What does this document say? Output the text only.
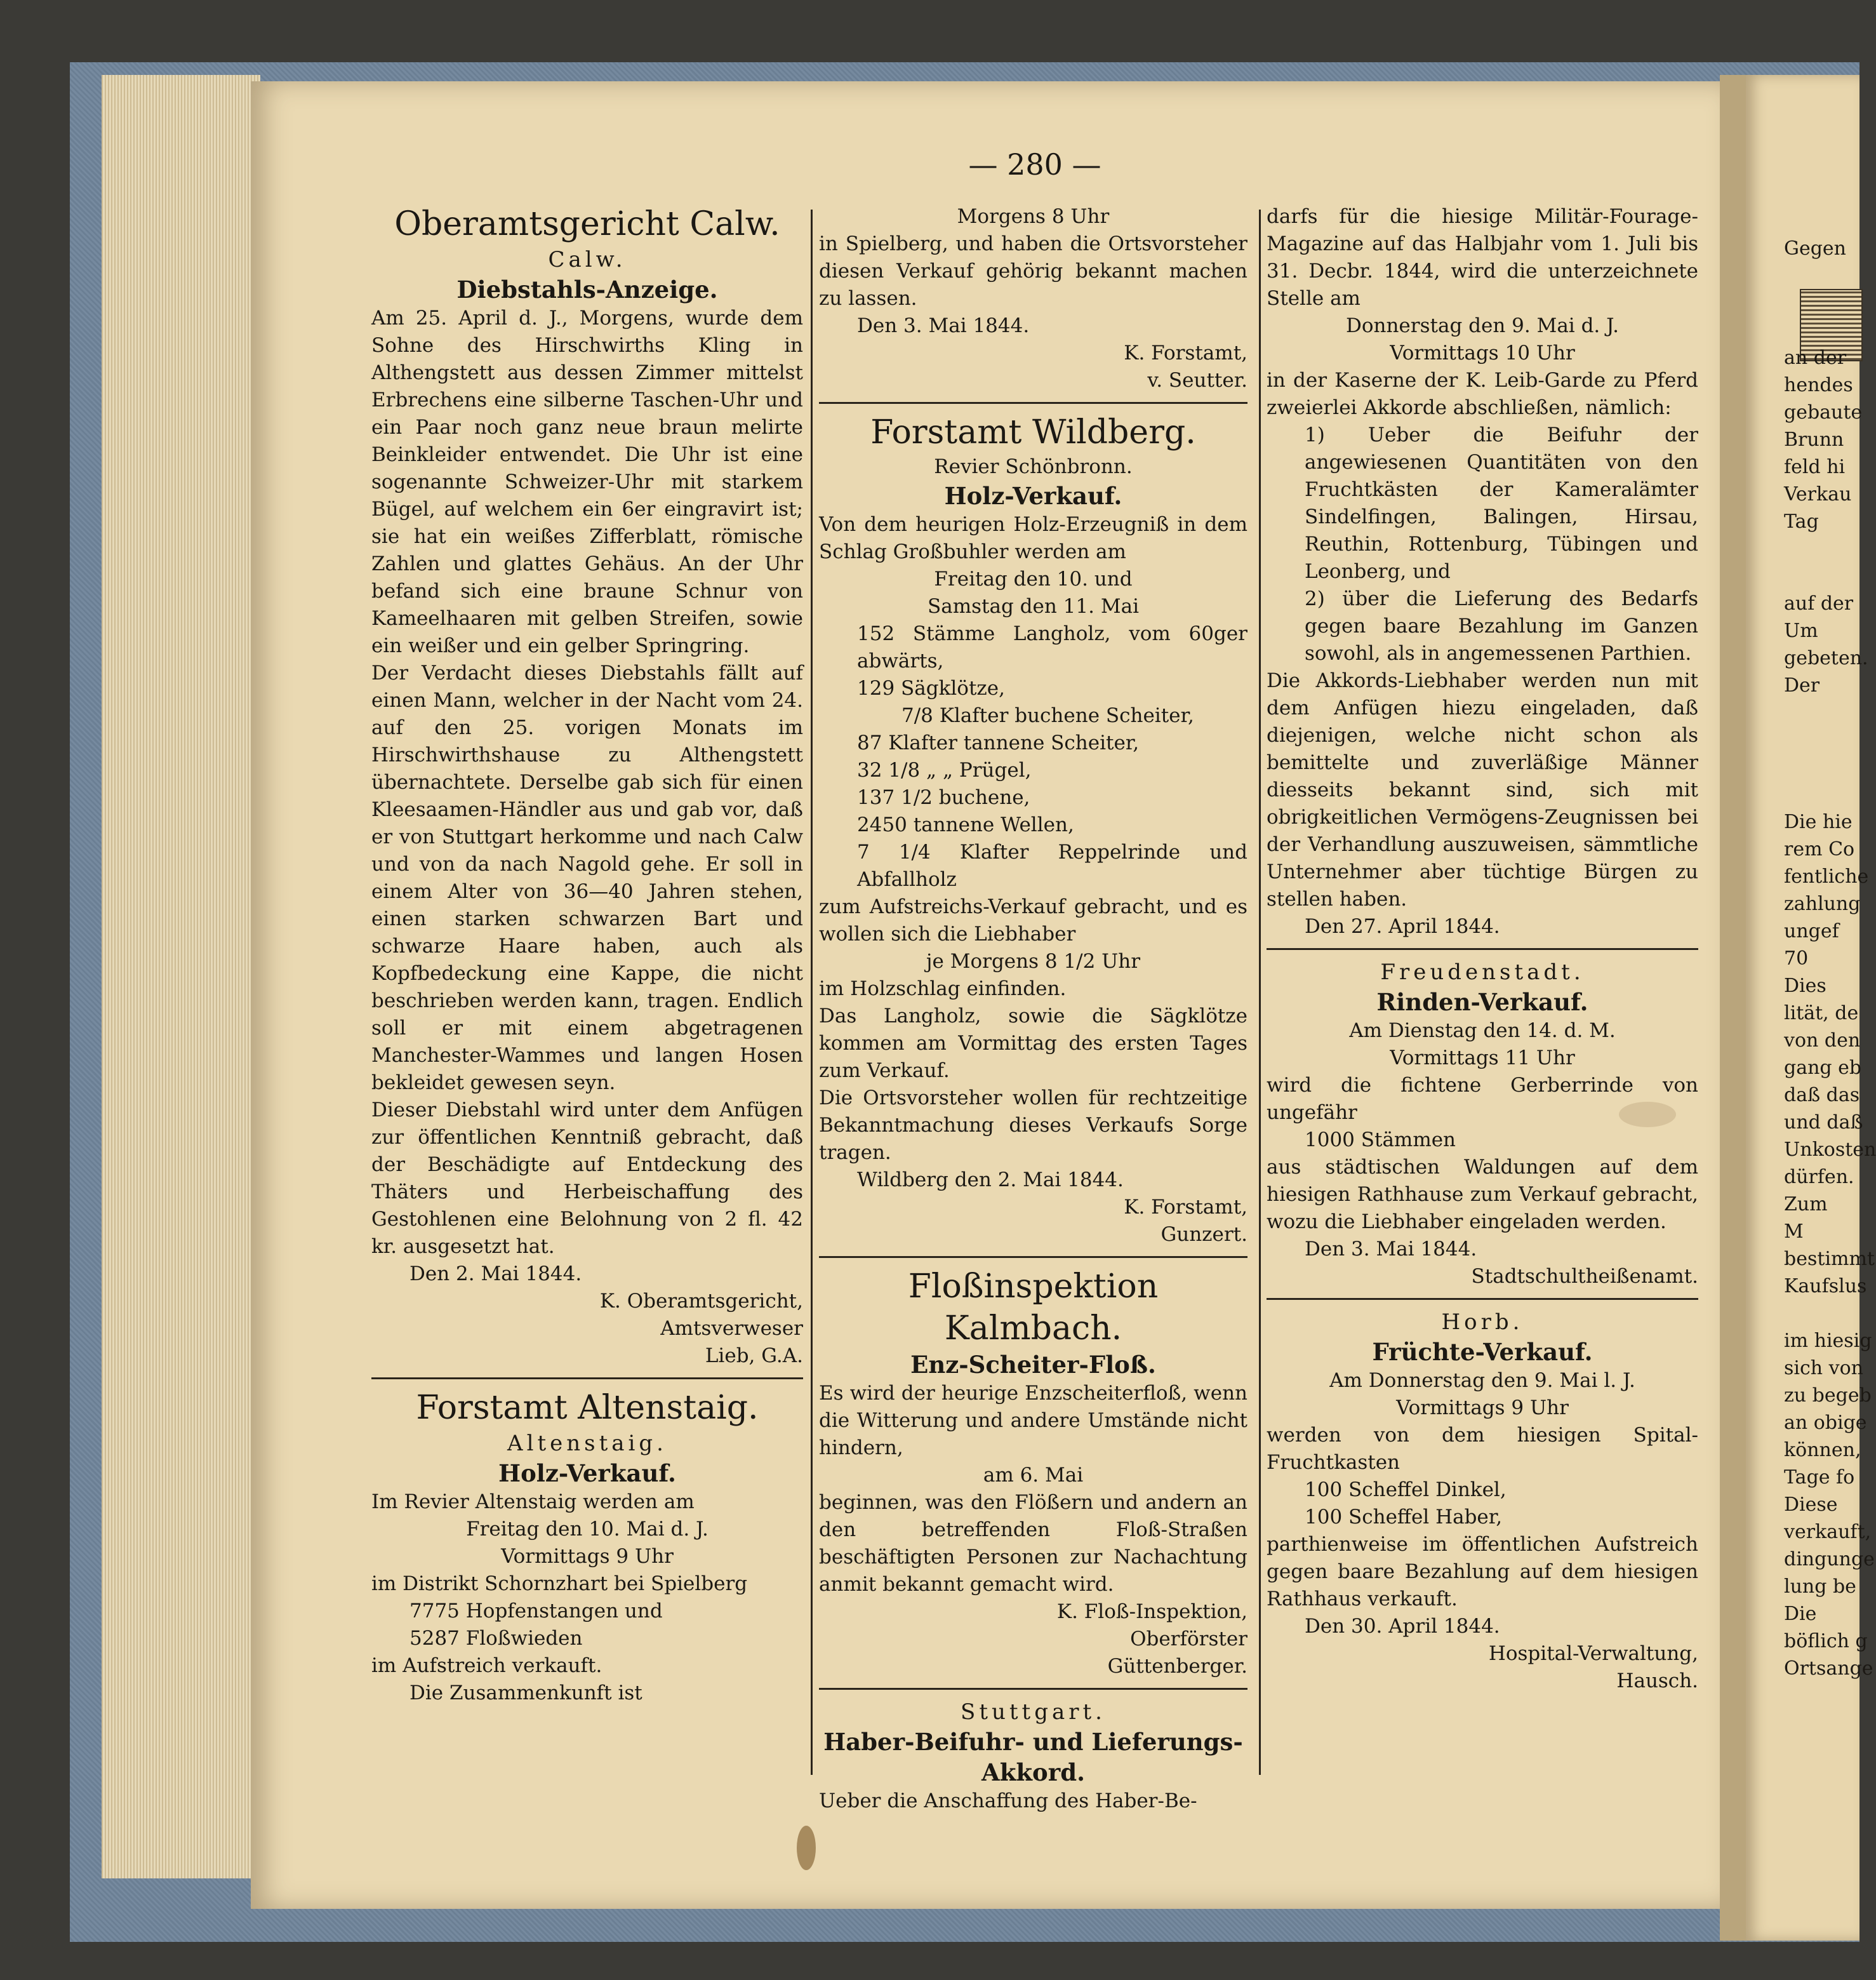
— 280 —

Oberamtsgericht Calw.

Calw.

Diebstahls-Anzeige.

Am 25. April d. J., Morgens, wurde dem Sohne des Hirschwirths Kling in Althengstett aus dessen Zimmer mittelst Erbrechens eine silberne Taschen-Uhr und ein Paar noch ganz neue braun melirte Beinkleider entwendet. Die Uhr ist eine sogenannte Schweizer-Uhr mit starkem Bügel, auf welchem ein 6er eingravirt ist; sie hat ein weißes Zifferblatt, römische Zahlen und glattes Gehäus. An der Uhr befand sich eine braune Schnur von Kameelhaaren mit gelben Streifen, sowie ein weißer und ein gelber Springring.

Der Verdacht dieses Diebstahls fällt auf einen Mann, welcher in der Nacht vom 24. auf den 25. vorigen Monats im Hirschwirthshause zu Althengstett übernachtete. Derselbe gab sich für einen Kleesaamen-Händler aus und gab vor, daß er von Stuttgart herkomme und nach Calw und von da nach Nagold gehe. Er soll in einem Alter von 36—40 Jahren stehen, einen starken schwarzen Bart und schwarze Haare haben, auch als Kopfbedeckung eine Kappe, die nicht beschrieben werden kann, tragen. Endlich soll er mit einem abgetragenen Manchester-Wammes und langen Hosen bekleidet gewesen seyn.

Dieser Diebstahl wird unter dem Anfügen zur öffentlichen Kenntniß gebracht, daß der Beschädigte auf Entdeckung des Thäters und Herbeischaffung des Gestohlenen eine Belohnung von 2 fl. 42 kr. ausgesetzt hat.

Den 2. Mai 1844.

K. Oberamtsgericht,

Amtsverweser

Lieb, G.A.

Forstamt Altenstaig.

Altenstaig.

Holz-Verkauf.

Im Revier Altenstaig werden am

Freitag den 10. Mai d. J.

Vormittags 9 Uhr

im Distrikt Schornzhart bei Spielberg

7775 Hopfenstangen und

5287 Floßwieden

im Aufstreich verkauft.

Die Zusammenkunft ist

Morgens 8 Uhr

in Spielberg, und haben die Ortsvorsteher diesen Verkauf gehörig bekannt machen zu lassen.

Den 3. Mai 1844.

K. Forstamt,

v. Seutter.

Forstamt Wildberg.

Revier Schönbronn.

Holz-Verkauf.

Von dem heurigen Holz-Erzeugniß in dem Schlag Großbuhler werden am

Freitag den 10. und

Samstag den 11. Mai

152 Stämme Langholz, vom 60ger abwärts,

129 Sägklötze,

7/8 Klafter buchene Scheiter,

87 Klafter tannene Scheiter,

32 1/8 „ „ Prügel,

137 1/2 buchene,

2450 tannene Wellen,

7 1/4 Klafter Reppelrinde und Abfallholz

zum Aufstreichs-Verkauf gebracht, und es wollen sich die Liebhaber

je Morgens 8 1/2 Uhr

im Holzschlag einfinden.

Das Langholz, sowie die Sägklötze kommen am Vormittag des ersten Tages zum Verkauf.

Die Ortsvorsteher wollen für rechtzeitige Bekanntmachung dieses Verkaufs Sorge tragen.

Wildberg den 2. Mai 1844.

K. Forstamt,

Gunzert.

Floßinspektion Kalmbach.

Enz-Scheiter-Floß.

Es wird der heurige Enzscheiterfloß, wenn die Witterung und andere Umstände nicht hindern,

am 6. Mai

beginnen, was den Flößern und andern an den betreffenden Floß-Straßen beschäftigten Personen zur Nachachtung anmit bekannt gemacht wird.

K. Floß-Inspektion,

Oberförster

Güttenberger.

Stuttgart.

Haber-Beifuhr- und Lieferungs-Akkord.

Ueber die Anschaffung des Haber-Be-

darfs für die hiesige Militär-Fourage-Magazine auf das Halbjahr vom 1. Juli bis 31. Decbr. 1844, wird die unterzeichnete Stelle am

Donnerstag den 9. Mai d. J.

Vormittags 10 Uhr

in der Kaserne der K. Leib-Garde zu Pferd zweierlei Akkorde abschließen, nämlich:

1) Ueber die Beifuhr der angewiesenen Quantitäten von den Fruchtkästen der Kameralämter Sindelfingen, Balingen, Hirsau, Reuthin, Rottenburg, Tübingen und Leonberg, und

2) über die Lieferung des Bedarfs gegen baare Bezahlung im Ganzen sowohl, als in angemessenen Parthien.

Die Akkords-Liebhaber werden nun mit dem Anfügen hiezu eingeladen, daß diejenigen, welche nicht schon als bemittelte und zuverläßige Männer diesseits bekannt sind, sich mit obrigkeitlichen Vermögens-Zeugnissen bei der Verhandlung auszuweisen, sämmtliche Unternehmer aber tüchtige Bürgen zu stellen haben.

Den 27. April 1844.

Freudenstadt.

Rinden-Verkauf.

Am Dienstag den 14. d. M.

Vormittags 11 Uhr

wird die fichtene Gerberrinde von ungefähr

1000 Stämmen

aus städtischen Waldungen auf dem hiesigen Rathhause zum Verkauf gebracht, wozu die Liebhaber eingeladen werden.

Den 3. Mai 1844.

Stadtschultheißenamt.

Horb.

Früchte-Verkauf.

Am Donnerstag den 9. Mai l. J.

Vormittags 9 Uhr

werden von dem hiesigen Spital-Fruchtkasten

100 Scheffel Dinkel,

100 Scheffel Haber,

parthienweise im öffentlichen Aufstreich gegen baare Bezahlung auf dem hiesigen Rathhaus verkauft.

Den 30. April 1844.

Hospital-Verwaltung,

Hausch.

Gegen

an der

hendes

gebaute

Brunn

feld hi

Verkau

Tag

auf der

Um

gebeten.

Der

Die hie

rem Co

fentliche

zahlung

ungef

70

Dies

lität, de

von den

gang eb

daß das

und daß

Unkosten

dürfen.

Zum

M

bestimmt

Kaufslus

im hiesig

sich von

zu begeb

an obige

können,

Tage fo

Diese

verkauft,

dingunge

lung be

Die

böflich g

Ortsange
